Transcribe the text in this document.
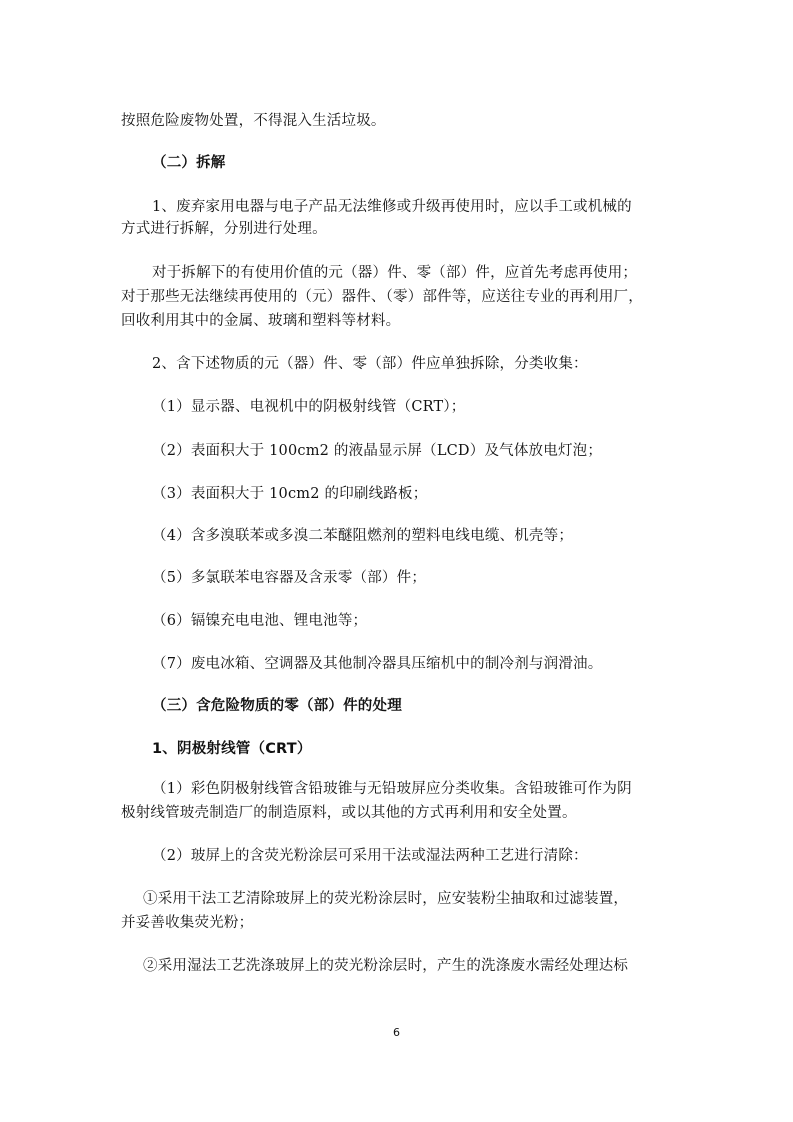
按照危险废物处置，不得混入生活垃圾。
（二）拆解
1、废弃家用电器与电子产品无法维修或升级再使用时，应以手工或机械的
方式进行拆解，分别进行处理。
对于拆解下的有使用价值的元（器）件、零（部）件，应首先考虑再使用；
对于那些无法继续再使用的（元）器件、（零）部件等，应送往专业的再利用厂，
回收利用其中的金属、玻璃和塑料等材料。
2、含下述物质的元（器）件、零（部）件应单独拆除，分类收集：
（1）显示器、电视机中的阴极射线管（CRT）；
（2）表面积大于 100cm2 的液晶显示屏（LCD）及气体放电灯泡；
（3）表面积大于 10cm2 的印刷线路板；
（4）含多溴联苯或多溴二苯醚阻燃剂的塑料电线电缆、机壳等；
（5）多氯联苯电容器及含汞零（部）件；
（6）镉镍充电电池、锂电池等；
（7）废电冰箱、空调器及其他制冷器具压缩机中的制冷剂与润滑油。
（三）含危险物质的零（部）件的处理
1、阴极射线管（CRT）
（1）彩色阴极射线管含铅玻锥与无铅玻屏应分类收集。含铅玻锥可作为阴
极射线管玻壳制造厂的制造原料，或以其他的方式再利用和安全处置。
（2）玻屏上的含荧光粉涂层可采用干法或湿法两种工艺进行清除：
①采用干法工艺清除玻屏上的荧光粉涂层时，应安装粉尘抽取和过滤装置，
并妥善收集荧光粉；
②采用湿法工艺洗涤玻屏上的荧光粉涂层时，产生的洗涤废水需经处理达标
6
